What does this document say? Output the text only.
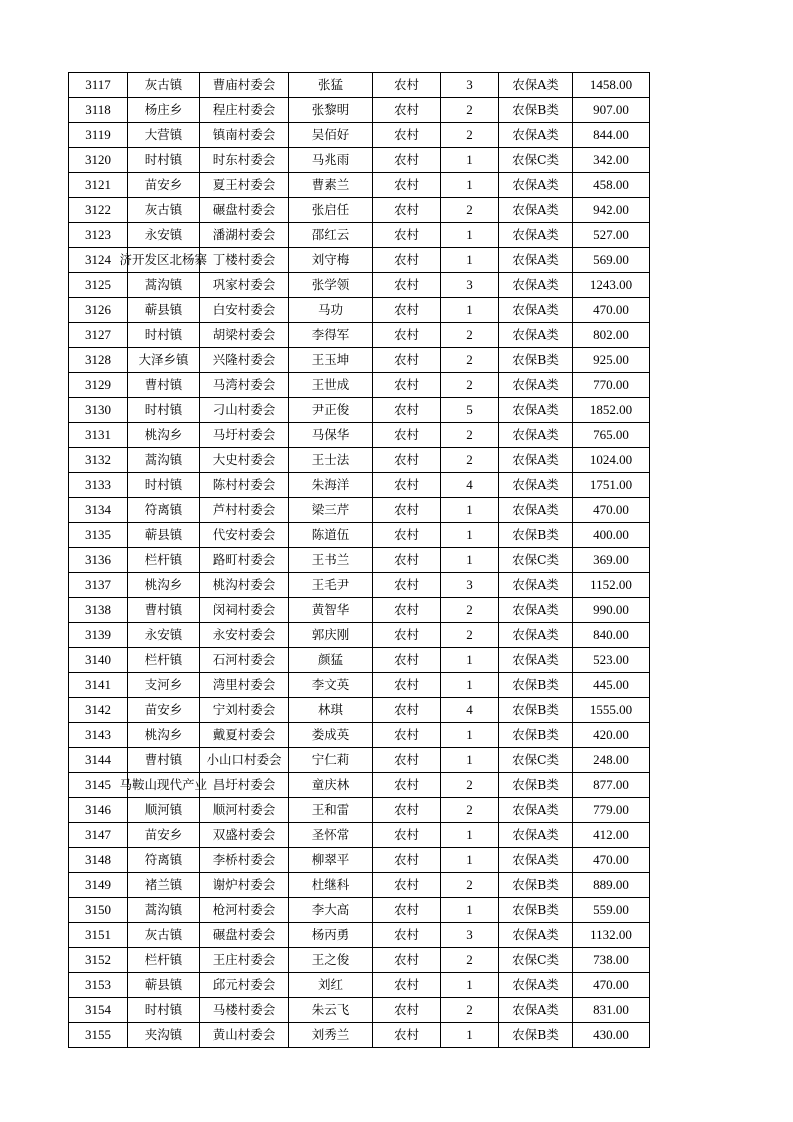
3117	灰古镇	曹庙村委会	张猛	农村	3	农保A类	1458.00
3118	杨庄乡	程庄村委会	张黎明	农村	2	农保B类	907.00
3119	大营镇	镇南村委会	吴佰好	农村	2	农保A类	844.00
3120	时村镇	时东村委会	马兆雨	农村	1	农保C类	342.00
3121	苗安乡	夏王村委会	曹素兰	农村	1	农保A类	458.00
3122	灰古镇	碾盘村委会	张启任	农村	2	农保A类	942.00
3123	永安镇	潘湖村委会	邵红云	农村	1	农保A类	527.00
3124	济开发区北杨寨	丁楼村委会	刘守梅	农村	1	农保A类	569.00
3125	蒿沟镇	巩家村委会	张学领	农村	3	农保A类	1243.00
3126	蕲县镇	白安村委会	马功	农村	1	农保A类	470.00
3127	时村镇	胡梁村委会	李得军	农村	2	农保A类	802.00
3128	大泽乡镇	兴隆村委会	王玉坤	农村	2	农保B类	925.00
3129	曹村镇	马湾村委会	王世成	农村	2	农保A类	770.00
3130	时村镇	刁山村委会	尹正俊	农村	5	农保A类	1852.00
3131	桃沟乡	马圩村委会	马保华	农村	2	农保A类	765.00
3132	蒿沟镇	大史村委会	王士法	农村	2	农保A类	1024.00
3133	时村镇	陈村村委会	朱海洋	农村	4	农保A类	1751.00
3134	符离镇	芦村村委会	梁三芹	农村	1	农保A类	470.00
3135	蕲县镇	代安村委会	陈道伍	农村	1	农保B类	400.00
3136	栏杆镇	路町村委会	王书兰	农村	1	农保C类	369.00
3137	桃沟乡	桃沟村委会	王毛尹	农村	3	农保A类	1152.00
3138	曹村镇	闵祠村委会	黄智华	农村	2	农保A类	990.00
3139	永安镇	永安村委会	郭庆刚	农村	2	农保A类	840.00
3140	栏杆镇	石河村委会	颜猛	农村	1	农保A类	523.00
3141	支河乡	湾里村委会	李文英	农村	1	农保B类	445.00
3142	苗安乡	宁刘村委会	林琪	农村	4	农保B类	1555.00
3143	桃沟乡	戴夏村委会	娄成英	农村	1	农保B类	420.00
3144	曹村镇	小山口村委会	宁仁莉	农村	1	农保C类	248.00
3145	马鞍山现代产业	昌圩村委会	童庆林	农村	2	农保B类	877.00
3146	顺河镇	顺河村委会	王和雷	农村	2	农保A类	779.00
3147	苗安乡	双盛村委会	圣怀常	农村	1	农保A类	412.00
3148	符离镇	李桥村委会	柳翠平	农村	1	农保A类	470.00
3149	褚兰镇	谢炉村委会	杜继科	农村	2	农保B类	889.00
3150	蒿沟镇	枪河村委会	李大高	农村	1	农保B类	559.00
3151	灰古镇	碾盘村委会	杨丙勇	农村	3	农保A类	1132.00
3152	栏杆镇	王庄村委会	王之俊	农村	2	农保C类	738.00
3153	蕲县镇	邱元村委会	刘红	农村	1	农保A类	470.00
3154	时村镇	马楼村委会	朱云飞	农村	2	农保A类	831.00
3155	夹沟镇	黄山村委会	刘秀兰	农村	1	农保B类	430.00
